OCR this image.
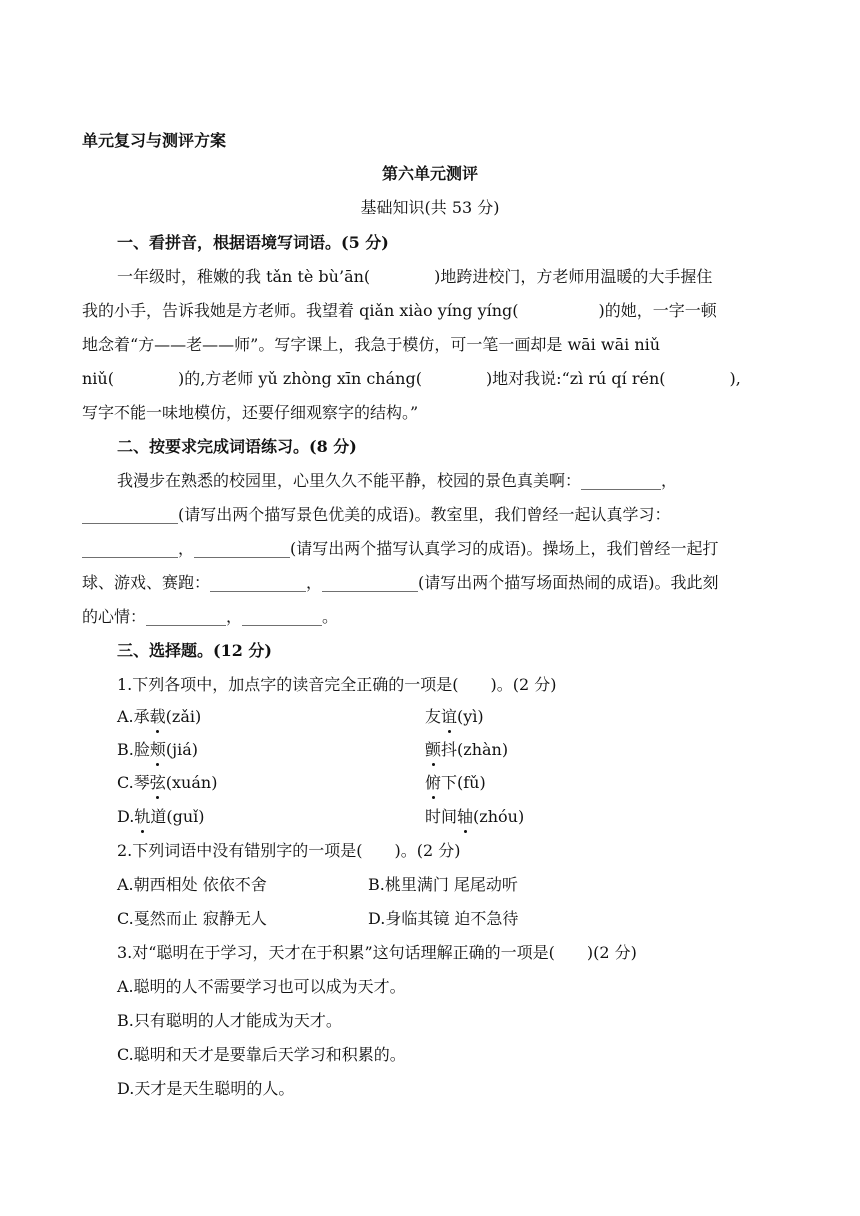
单元复习与测评方案
第六单元测评
基础知识(共 53 分)
一、看拼音，根据语境写词语。(5 分)
一年级时，稚嫩的我 tǎn tè bù’ān(　　　　)地跨进校门，方老师用温暖的大手握住
我的小手，告诉我她是方老师。我望着 qiǎn xiào yíng yíng(　　　　　)的她，一字一顿
地念着“方——老——师”。写字课上，我急于模仿，可一笔一画却是 wāi wāi niǔ
niǔ(　　　　)的,方老师 yǔ zhòng xīn cháng(　　　　)地对我说:“zì rú qí rén(　　　　),
写字不能一味地模仿，还要仔细观察字的结构。”
二、按要求完成词语练习。(8 分)
我漫步在熟悉的校园里，心里久久不能平静，校园的景色真美啊：__________，
____________(请写出两个描写景色优美的成语)。教室里，我们曾经一起认真学习：
____________，____________(请写出两个描写认真学习的成语)。操场上，我们曾经一起打
球、游戏、赛跑：____________，____________(请写出两个描写场面热闹的成语)。我此刻
的心情：__________，__________。
三、选择题。(12 分)
1.下列各项中，加点字的读音完全正确的一项是(　　)。(2 分)
A.承载(zǎi)	友谊(yì)
B.脸颊(jiá)	颤抖(zhàn)
C.琴弦(xuán)	俯下(fǔ)
D.轨道(guǐ)	时间轴(zhóu)
2.下列词语中没有错别字的一项是(　　)。(2 分)
A.朝西相处 依依不舍	B.桃里满门 尾尾动听
C.戛然而止 寂静无人	D.身临其镜 迫不急待
3.对“聪明在于学习，天才在于积累”这句话理解正确的一项是(　　)(2 分)
A.聪明的人不需要学习也可以成为天才。
B.只有聪明的人才能成为天才。
C.聪明和天才是要靠后天学习和积累的。
D.天才是天生聪明的人。
